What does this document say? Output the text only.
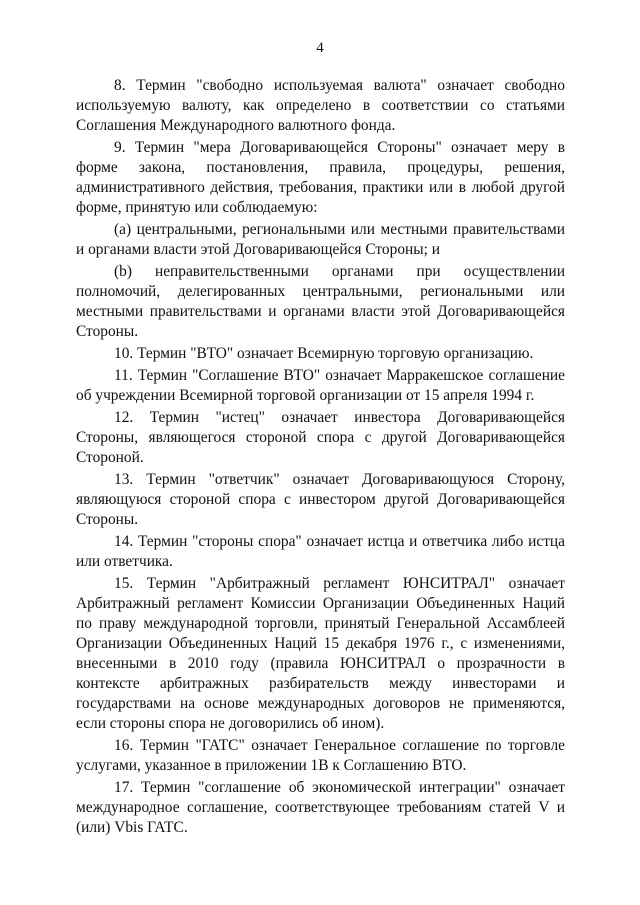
4

8. Термин "свободно используемая валюта" означает свободно используемую валюту, как определено в соответствии со статьями Соглашения Международного валютного фонда.

9. Термин "мера Договаривающейся Стороны" означает меру в форме закона, постановления, правила, процедуры, решения, административного действия, требования, практики или в любой другой форме, принятую или соблюдаемую:

(a) центральными, региональными или местными правительствами и органами власти этой Договаривающейся Стороны; и

(b) неправительственными органами при осуществлении полномочий, делегированных центральными, региональными или местными правительствами и органами власти этой Договаривающейся Стороны.

10. Термин "ВТО" означает Всемирную торговую организацию.

11. Термин "Соглашение ВТО" означает Марракешское соглашение об учреждении Всемирной торговой организации от 15 апреля 1994 г.

12. Термин "истец" означает инвестора Договаривающейся Стороны, являющегося стороной спора с другой Договаривающейся Стороной.

13. Термин "ответчик" означает Договаривающуюся Сторону, являющуюся стороной спора с инвестором другой Договаривающейся Стороны.

14. Термин "стороны спора" означает истца и ответчика либо истца или ответчика.

15. Термин "Арбитражный регламент ЮНСИТРАЛ" означает Арбитражный регламент Комиссии Организации Объединенных Наций по праву международной торговли, принятый Генеральной Ассамблеей Организации Объединенных Наций 15 декабря 1976 г., с изменениями, внесенными в 2010 году (правила ЮНСИТРАЛ о прозрачности в контексте арбитражных разбирательств между инвесторами и государствами на основе международных договоров не применяются, если стороны спора не договорились об ином).

16. Термин "ГАТС" означает Генеральное соглашение по торговле услугами, указанное в приложении 1B к Соглашению ВТО.

17. Термин "соглашение об экономической интеграции" означает международное соглашение, соответствующее требованиям статей V и (или) Vbis ГАТС.
